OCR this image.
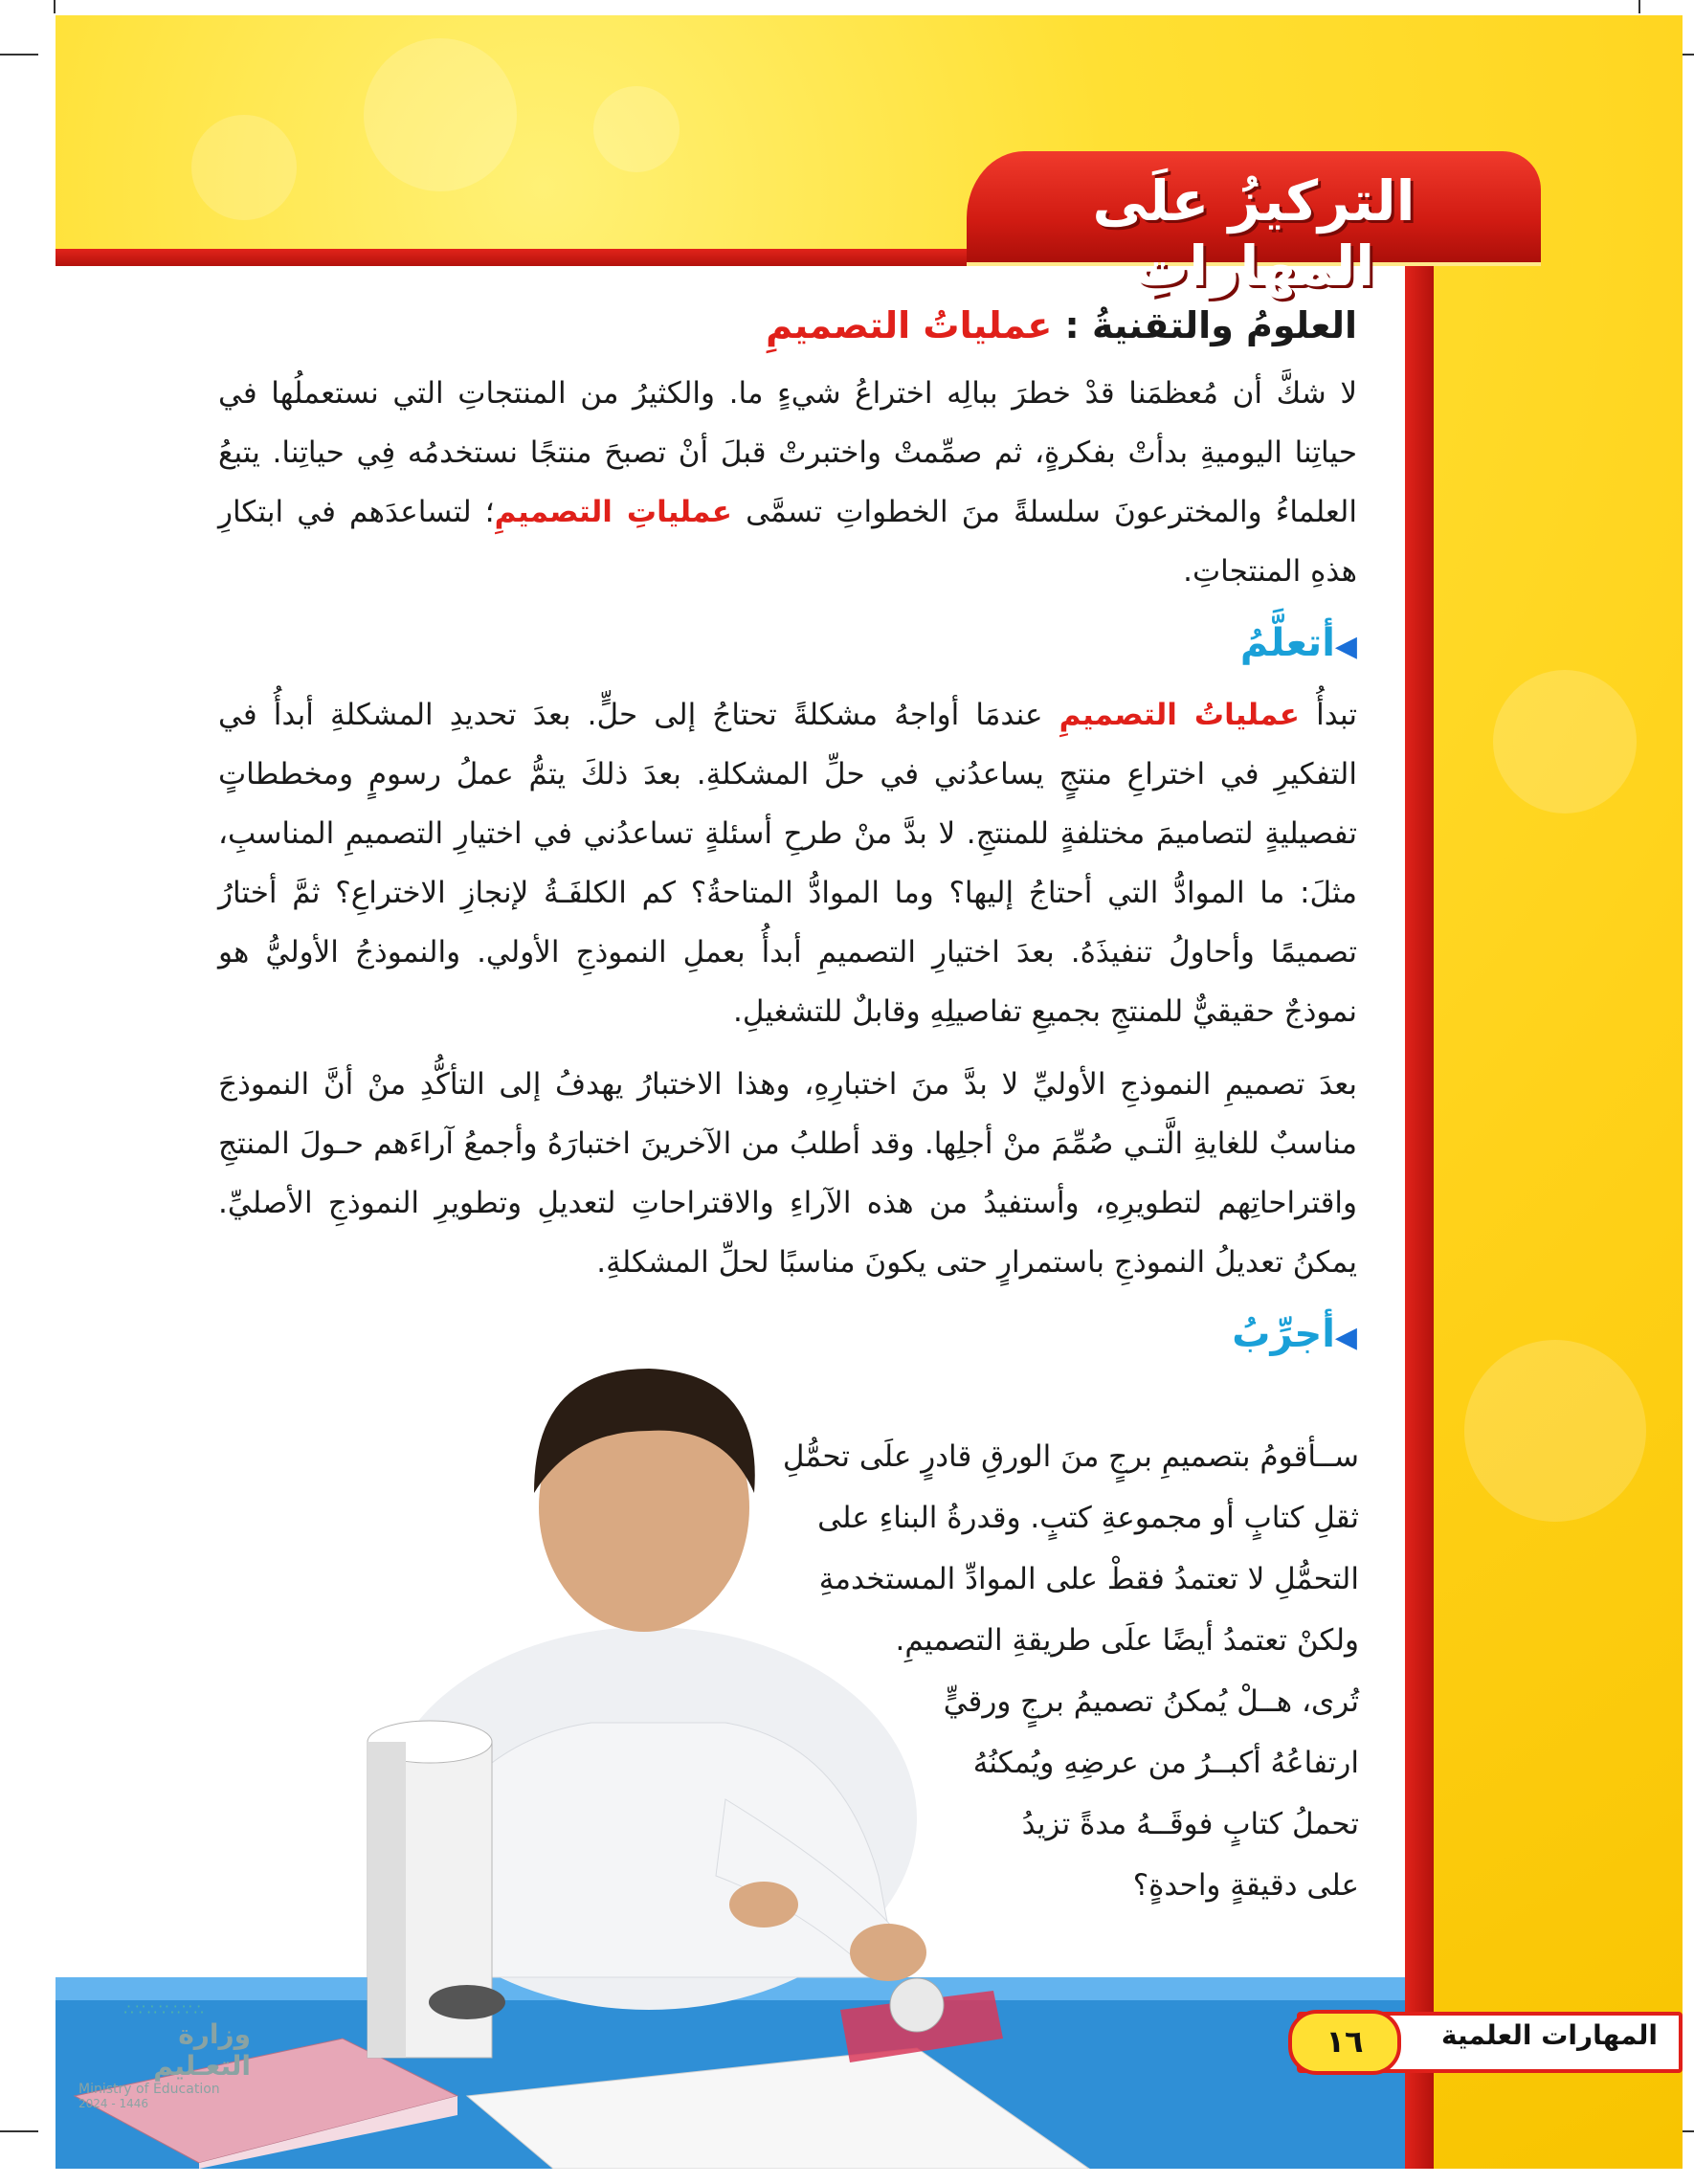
التركيزُ علَى المهاراتِ
العلومُ والتقنيةُ : عملياتُ التصميمِ

لا شكَّ أن مُعظمَنا قدْ خطرَ ببالِه اختراعُ شيءٍ ما. والكثيرُ من المنتجاتِ التي نستعملُها في حياتِنا اليوميةِ بدأتْ بفكرةٍ، ثم صمِّمتْ واختبرتْ قبلَ أنْ تصبحَ منتجًا نستخدمُه فِي حياتِنا. يتبعُ العلماءُ والمخترعونَ سلسلةً منَ الخطواتِ تسمَّى عملياتِ التصميمِ؛ لتساعدَهم في ابتكارِ هذهِ المنتجاتِ.

◀أتعلَّمُ

تبدأُ عملياتُ التصميمِ عندمَا أواجهُ مشكلةً تحتاجُ إلى حلٍّ. بعدَ تحديدِ المشكلةِ أبدأُ في التفكيرِ في اختراعِ منتجٍ يساعدُني في حلِّ المشكلةِ. بعدَ ذلكَ يتمُّ عملُ رسومٍ ومخططاتٍ تفصيليةٍ لتصاميمَ مختلفةٍ للمنتجِ. لا بدَّ منْ طرحِ أسئلةٍ تساعدُني في اختيارِ التصميمِ المناسبِ، مثلَ: ما الموادُّ التي أحتاجُ إليها؟ وما الموادُّ المتاحةُ؟ كم الكلفَـةُ لإنجازِ الاختراعِ؟ ثمَّ أختارُ تصميمًا وأحاولُ تنفيذَهُ. بعدَ اختيارِ التصميمِ أبدأُ بعملِ النموذجِ الأولي. والنموذجُ الأوليُّ هو نموذجٌ حقيقيٌّ للمنتجِ بجميعِ تفاصيلِهِ وقابلٌ للتشغيلِ.

بعدَ تصميمِ النموذجِ الأوليِّ لا بدَّ منَ اختبارِهِ، وهذا الاختبارُ يهدفُ إلى التأكُّدِ منْ أنَّ النموذجَ مناسبٌ للغايةِ الَّتـي صُمِّمَ منْ أجلِها. وقد أطلبُ من الآخرينَ اختبارَهُ وأجمعُ آراءَهم حـولَ المنتجِ واقتراحاتِهم لتطويرِهِ، وأستفيدُ من هذه الآراءِ والاقتراحاتِ لتعديلِ وتطويرِ النموذجِ الأصليِّ. يمكنُ تعديلُ النموذجِ باستمرارٍ حتى يكونَ مناسبًا لحلِّ المشكلةِ.

◀أجرِّبُ

ســأقومُ بتصميمِ برجٍ منَ الورقِ قادرٍ علَى تحمُّلِ

ثقلِ كتابٍ أو مجموعةِ كتبٍ. وقدرةُ البناءِ على

التحمُّلِ لا تعتمدُ فقطْ على الموادِّ المستخدمةِ

ولكنْ تعتمدُ أيضًا علَى طريقةِ التصميمِ.

تُرى، هــلْ يُمكنُ تصميمُ برجٍ ورقيٍّ

ارتفاعُهُ أكبــرُ من عرضِهِ ويُمكنُهُ

تحملُ كتابٍ فوقَــهُ مدةً تزيدُ

على دقيقةٍ واحدةٍ؟

المهارات العلمية
١٦
∴∵∴∵∴∵∴
وزارة التعـليم
Ministry of Education
2024 - 1446
